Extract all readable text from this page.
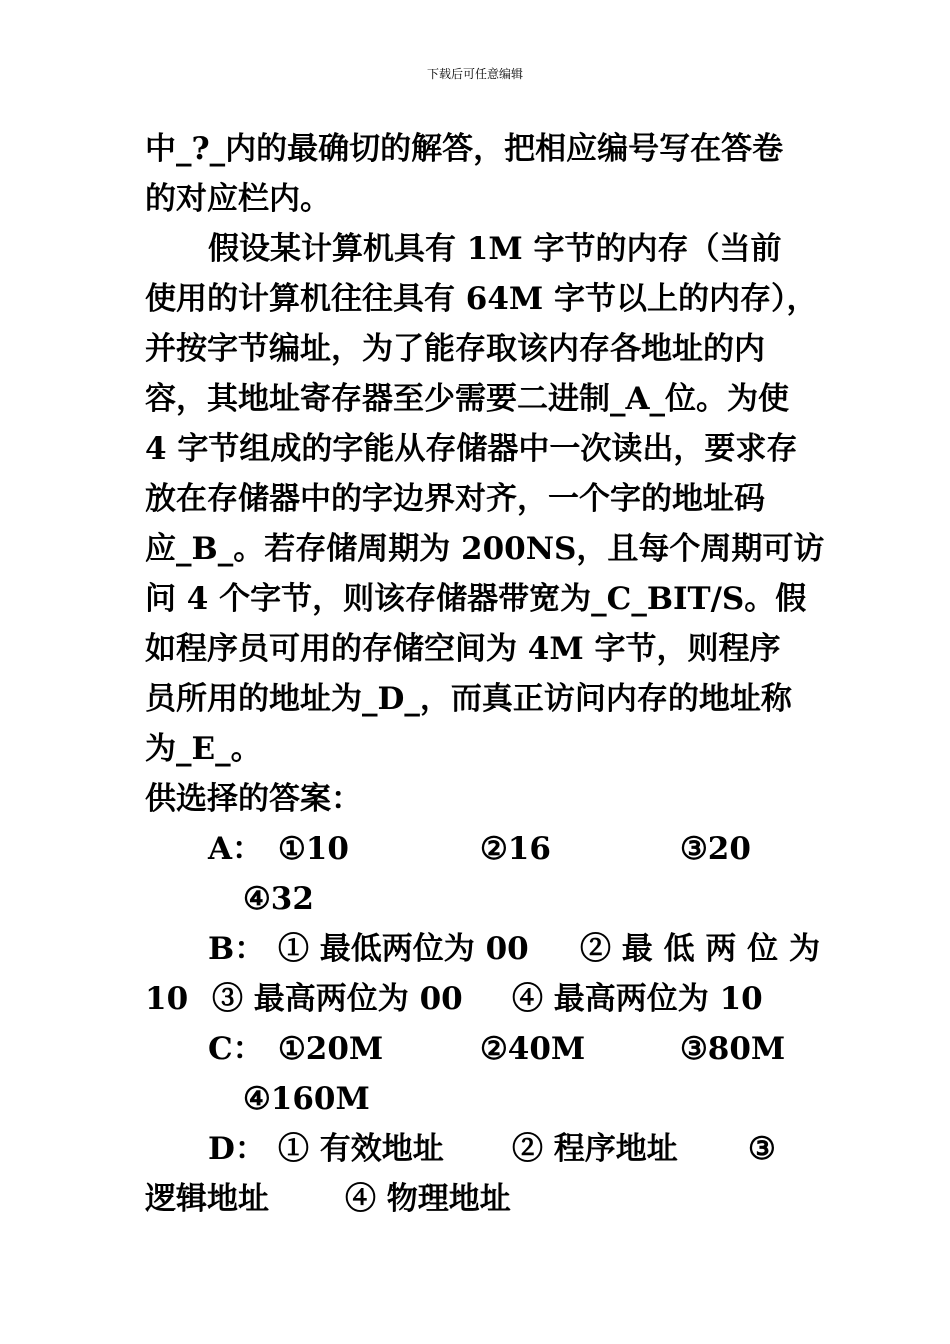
下载后可任意编辑
中_?_内的最确切的解答，把相应编号写在答卷
的对应栏内。
假设某计算机具有 1M 字节的内存（当前
使用的计算机往往具有 64M 字节以上的内存），
并按字节编址，为了能存取该内存各地址的内
容，其地址寄存器至少需要二进制_A_位。为使
4 字节组成的字能从存储器中一次读出，要求存
放在存储器中的字边界对齐，一个字的地址码
应_B_。若存储周期为 200NS，且每个周期可访
问 4 个字节，则该存储器带宽为_C_BIT/S。假
如程序员可用的存储空间为 4M 字节，则程序
员所用的地址为_D_，而真正访问内存的地址称
为_E_。
供选择的答案：
A： ①10	②16	③20
④32
B： ① 最低两位为 00 ② 最 低 两 位 为
10 ③ 最高两位为 00 ④ 最高两位为 10
C： ①20M	②40M	③80M
④160M
D： ① 有效地址 ② 程序地址 ③
逻辑地址 ④ 物理地址
